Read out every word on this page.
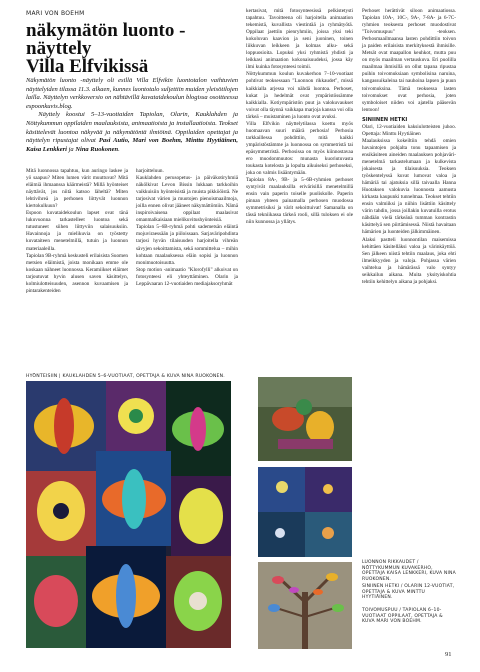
MARI VON BOEHM
näkymätön luonto -näyttely
Villa Elfvikissä

Näkymätön luonto -näyttely oli esillä Villa Elfvikin luontotalon vaihtuvien näyttelyiden tilassa 11.3. alkaen, kunnes luontotalo suljettiin muiden yleisötilojen lailla. Näyttelyn verkkoversio on nähtävillä kuvataidekoulun blogissa osoitteessa espoonkuvis.blog.

Näyttely koostui 5–13-vuotiaiden Tapiolan, Olarin, Kauklahden ja Nöttykummun oppilaiden maalauksista, animaatioista ja installaatioista. Teokset käsittelevät luontoa näkyvää ja näkymätöntä ilmiöinä. Oppilaiden opettajat ja näyttelyn ripustajat olivat Pasi Autio, Mari von Boehm, Minttu Hyytiäinen, Kaisa Lenkkeri ja Nina Ruokonen.

Mitä luonnossa tapahtuu, kun auringo laskee ja yö saapuu? Miten lumen värit muuttuvat? Mitä eläimiä ihmaanssa käärmeistä? Millä hyönteiset näyttävät, jos niitä katsoo läheltä? Miten lehtivihreä ja perhonen liittyvät luonnon kiertokulkuun?

Espoon kuvataidekoulun lapset ovat tänä lukuvuonna tarkastelleet luontoa sekä tutustuneet siihen liittyviin salaisuuksiin. Havainnoja ja mielikuvia on työstetty kuvataiteen menetelmillä, tutuin ja luonnon materiaaleilla.

Tapiolan 9B-ryhmä keskusteli erilaisista Suomen metsien eläimistä, joista monikaan emme ole koskaan nähneet luonnossa. Keramiikset eläimet tarjoutuvat hyvin alusen saven käsittelyn, kolmiulotteisuuden, asennon kuvaamisen ja pintarakenteiden

harjoitteluun.

Kauklahden perusopetus- ja päiväkotiryhmiä näkölkivat Levon Bissin lukkaan tarkkoihin vaikkuisiin hyönteisistä ja muista pikkööistä. Ne tarjosivat värien ja muotojen pienoismaailmoja, joilla ennen olivat jääneet näkymättömiin. Nämä inspiroivaisena oppilaat maalasivat omanmalkaisiaan mielikuvitushyönteisiä.

Tapiolan 5–6B-ryhmä pohti sademetsän eläintä mojuviraessään ja piiloissaan. Sarjaväripohdinta tarjosi hyvän tilaisuuden harjoitella vihreän sävyjen sekoittamista, sekä sommittelua – mihin kohtaan maalauksessa eläin sopisi ja luonnon monimuotoisuutta.

Stop motion -animaatio "Klorofylli" alkoivat on fotosynteesi eli yhteyttäminen. Olarin ja Leppävaaran 12-vuotiaiden mediajaksoryhmät

kertasivat, mitä fotosynteesissä pelkistetysti tapahtuu. Tavoitteena oli harjoitella animaation tekemistä, kuvallista viestintää ja ryhmätyötä. Oppilaat jaettiin pienryhmiin, joissa yksi teki kokoluvan kaavion ja seni juoninen, toinen liikkuvan leikkeen ja kolmas alku- sekä loppuosioita. Lopuksi yksi ryhmistä yhdisti ja leikkasi animaation kokonaisuudeksi, jossa käy ilmi kuinka fotosynteesi toimii.

Nöttykummun koulun kuvakerhon 7–10-vuotiaat pohtivat teoksessaan "Luonnon rikkaudet", missä kaikkialla arjessa voi nähdä luontoa. Perhoset, kukat ja hedelmät ovat ympäristössämme kaikkialla. Kotiympäristön puut ja valokuvaukset voivat olla täynnä vaikkapa marjoja kanssa voi olla tärkeä – muistaminen ja luonto ovat avuksi.

Villa Elfvikin näyttelytilassa koettu myös huomaavan suuri määrä perhosia! Perhosia tarkkaillessa pohdittiin, mitä kaikki ympäristöstämme ja luonnossa on symmetristä tai epäsymmetristä. Perhosissa on myös kiinnostavaa ero muodonmuutos: munasta kuoriutuvasta toukasta kotelosta ja lopulta aikuiseksi perhoseksi, joka on valmis lisääntymään.

Tapiolan 8A-, 9B- ja 5–6B-ryhmien perhoset syntyivät maalauksilla erivärisillä menetelmillä ensin vain paperin toiselle puoliskolle. Paperin pinnan yhteen painamalla perhosen muodossa symmetrisiksi ja värit sekoittuivat! Samanalla on tässä tekniikassa tärkeä rooli, sillä tuloksen ei ole niin kunnossa ja yllätys.

Perhoset herättivät siloon animaatiossa. Tapiolan 10A-, 10C-, 9A-, 7-8A- ja 6-7C-ryhmien teoksesta perhoset muodostivat "Toivomuspuu" -teoksen. Perhosmaailmaansa lasten pohdittiin toivon ja paiden erilaisista merkityksestä ihmisille. Metsät ovat maapallon keuhkot, mutta puu on myös maailman vertauskuva. Eri puolilla maailmaa ihmisillä on ollut tapana ripustaa puihin toivomuksiaan symbolisina naruina, kangassuikaleina tai nauhoina lapsen ja puun toivomuksina. Tämä teoksessa lasten toivomukset ovat perhosia, joten symboloiset niiden voi ajatella pääsevän lentoon!

SINIINEN HETKI

Olari, 12-vuotiaiden kaksiulotteisten juhoo. Opettaja: Minttu Hyytiäinen

Maalauksissa kokeiltiin tehdä omien havaintojen pohjalta tonu tapaamisen ja ensikäsiteen aineiden maalauksen pohjaväri-menetelmä tarkastelumaan ja kulkevista jokaisesta ja tilaisuuksia. Teoksen työskentelyssä kuvat lumovat valoa ja hämäriä tai ajatuksia sillä taivaalla Hanna Huotaksen valokuvia luonnosta aamusta kirkasta kaupunki tunnelmaa. Teokset tehtiin ensin valmiiksi ja niihin lisättiin käsittely värin tahdin, jossa joillakin kuvatuilla erotus nähdään vielä tärkeänä tumman kontrastin käsittelyä sen piirtämisessä. Niistä havaitaan hämärien ja luonteiden jälkimmäinen.

Alaksi pastteli luonnontilan maisemissa kehittäen käsitelläksi valoa ja värinkäyttöä. Sen jälkeen niistä tehtiin maalaus, joka ehti ilmeikkyyden ja valoja. Pohjassa värien vaihtelua ja hämärässä valo syntyy seikkailun aikana. Muita yksityiskohtia tehtiin kehittelyn aikana ja pohjaksi.

HYÖNTEISIIN | KAUKLAHDEN 5–6-VUOTIAAT, OPETTAJA & KUVA NINA RUOKONEN.
LUONNON RIKKAUDET / NÖTTYKUMMUN KUVAKERHO, OPETTAJA KAISA LENKKERI, KUVA NINA RUOKONEN.
SINIINEN HETKI / OLARIN 12-VUOTIAT, OPETTAJA & KUVA MINTTU HYYTIÄINEN.
TOIVOMUSPUU / TAPIOLAN 6–10-VUOTIAAT OPPILAAT, OPETTAJA & KUVA MARI VON BOEHM.
91
